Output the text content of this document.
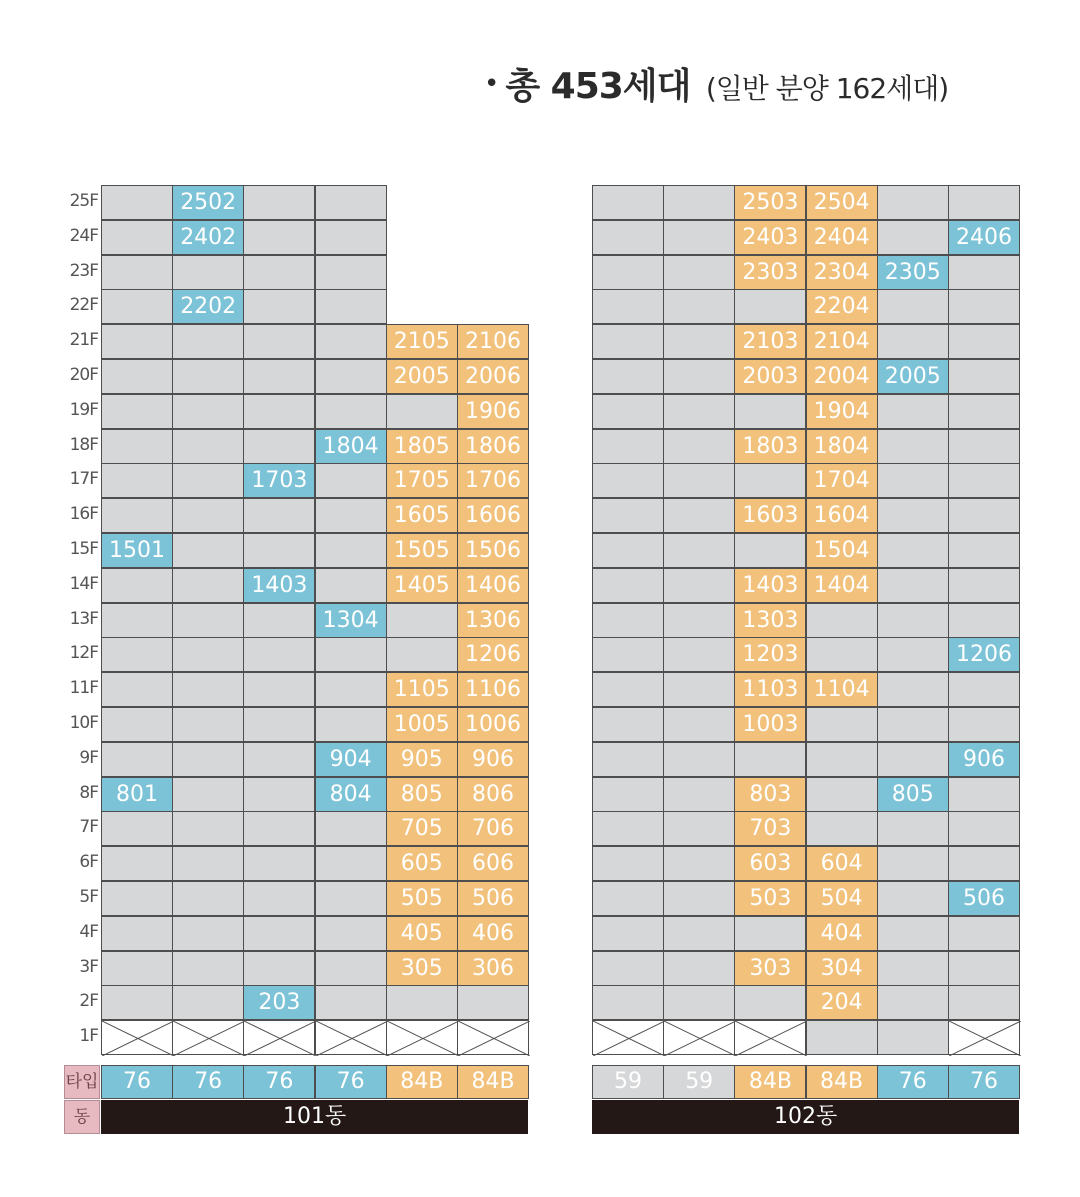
• 총 453세대 (일반 분양 162세대)
25F
24F
23F
22F
21F
20F
19F
18F
17F
16F
15F
14F
13F
12F
11F
10F
9F
8F
7F
6F
5F
4F
3F
2F
1F
1501
801
76
2502
2402
2202
76
1703
1403
203
76
1804
1304
904
804
76
2105
2005
1805
1705
1605
1505
1405
1105
1005
905
805
705
605
505
405
305
84B
2106
2006
1906
1806
1706
1606
1506
1406
1306
1206
1106
1006
906
806
706
606
506
406
306
84B
101동
59	59
2503
2403
2303
2103
2003
1803
1603
1403
1303
1203
1103
1003
803
703
603
503
303
84B
2504
2404
2304
2204
2104
2004
1904
1804
1704
1604
1504
1404
1104
604
504
404
304
204
84B
2305
2005
805
76
2406
1206
906
506
76
102동
타입
동
